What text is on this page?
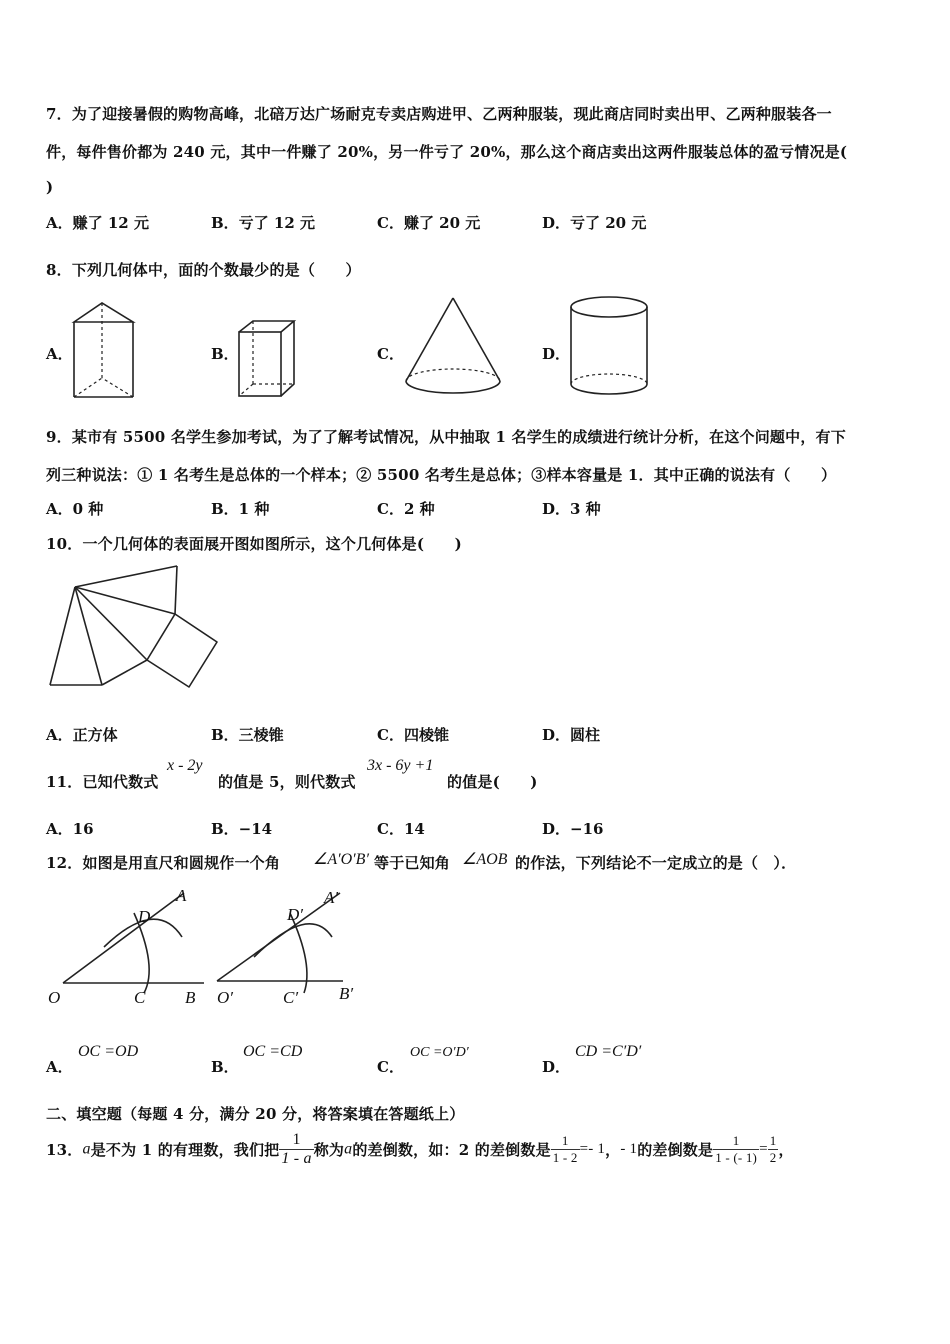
7．为了迎接暑假的购物高峰，北碚万达广场耐克专卖店购进甲、乙两种服装，现此商店同时卖出甲、乙两种服装各一
件，每件售价都为 240 元，其中一件赚了 20%，另一件亏了 20%，那么这个商店卖出这两件服装总体的盈亏情况是(
)
A．赚了 12 元	B．亏了 12 元	C．赚了 20 元	D．亏了 20 元
8．下列几何体中，面的个数最少的是（　　）
A．	B．	C．	D．
9．某市有 5500 名学生参加考试，为了了解考试情况，从中抽取 1 名学生的成绩进行统计分析，在这个问题中，有下
列三种说法：① 1 名考生是总体的一个样本；② 5500 名考生是总体；③样本容量是 1．其中正确的说法有（　　）
A．0 种	B．1 种	C．2 种	D．3 种
10．一个几何体的表面展开图如图所示，这个几何体是(　　)
A．正方体	B．三棱锥	C．四棱锥	D．圆柱
11．已知代数式
x - 2y
的值是 5，则代数式
3x - 6y +1
的值是(　　)
A．16	B．−14	C．14	D．−16
12．如图是用直尺和圆规作一个角 ∠A′O′B′ 等于已知角 ∠AOB 的作法，下列结论不一定成立的是（　）．
A
D
O	C B
A′
D′
O′	C′ B′
A．
OC =OD
B．
OC =CD
C．
OC =O′D′
D．
CD =C′D′
二、填空题（每题 4 分，满分 20 分，将答案填在答题纸上）
13．a是不为 1 的有理数，我们把 $\frac{1}{1 - a}$ 称为a的差倒数，如：2 的差倒数是 $\frac{1}{1 - 2} =- 1$，- 1的差倒数是 $\frac{1}{1 - (- 1)} = \frac{1}{2}$ ，
